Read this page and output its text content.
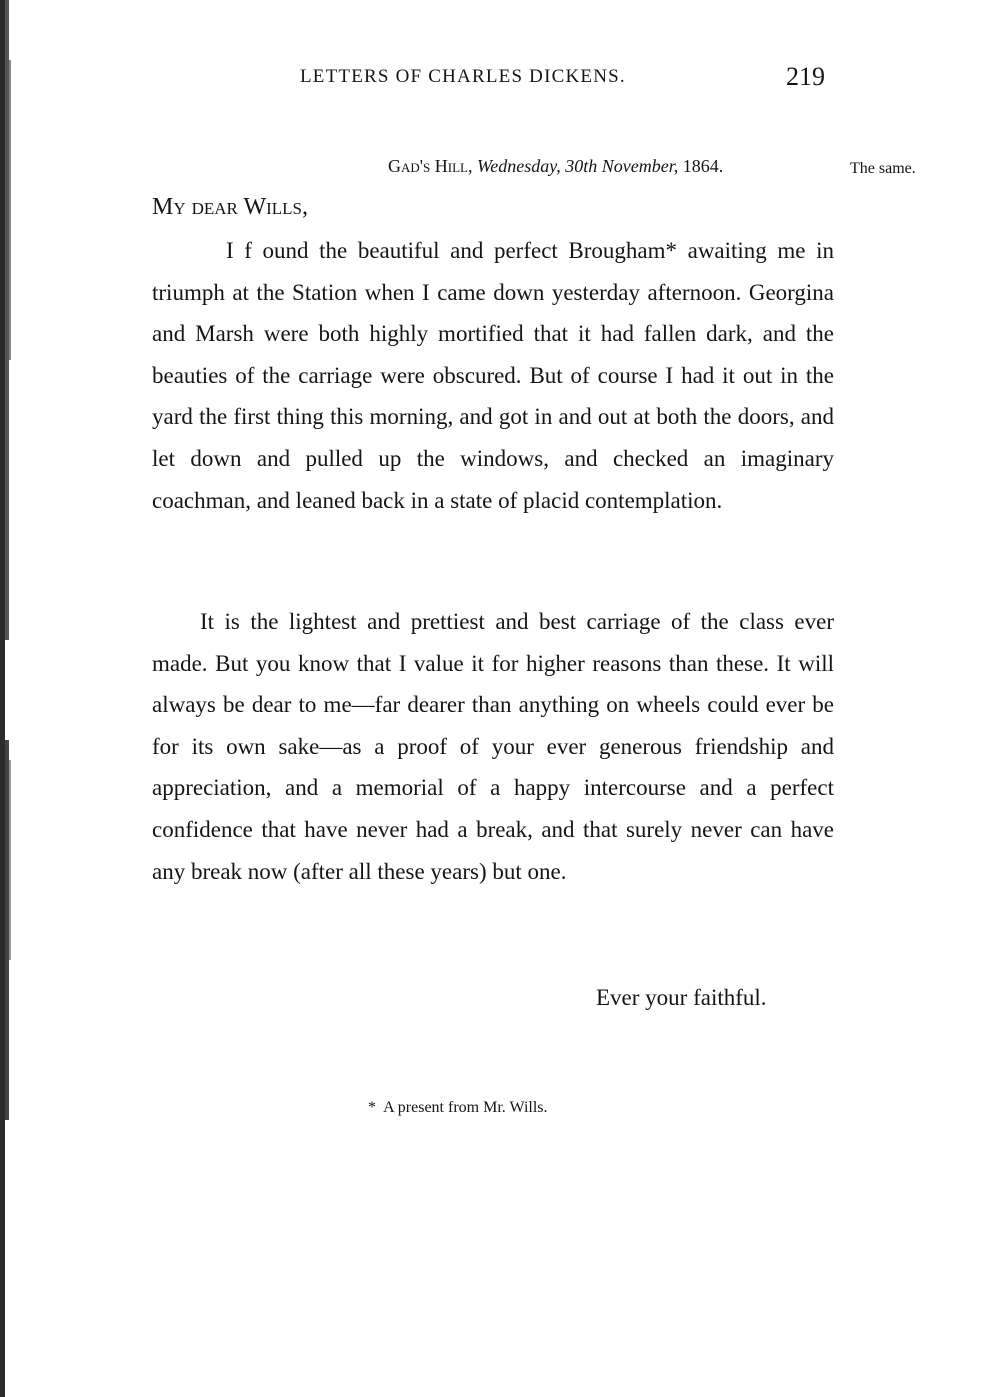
LETTERS OF CHARLES DICKENS.	219
Gad's Hill, Wednesday, 30th November, 1864.	The same.
My dear Wills,

I f ound the beautiful and perfect Brougham* awaiting me in triumph at the Station when I came down yesterday afternoon. Georgina and Marsh were both highly mortified that it had fallen dark, and the beauties of the carriage were obscured. But of course I had it out in the yard the first thing this morning, and got in and out at both the doors, and let down and pulled up the windows, and checked an imaginary coachman, and leaned back in a state of placid contemplation.

It is the lightest and prettiest and best carriage of the class ever made. But you know that I value it for higher reasons than these. It will always be dear to me—far dearer than anything on wheels could ever be for its own sake—as a proof of your ever generous friendship and appreciation, and a memorial of a happy intercourse and a perfect confidence that have never had a break, and that surely never can have any break now (after all these years) but one.

Ever your faithful.
* A present from Mr. Wills.
